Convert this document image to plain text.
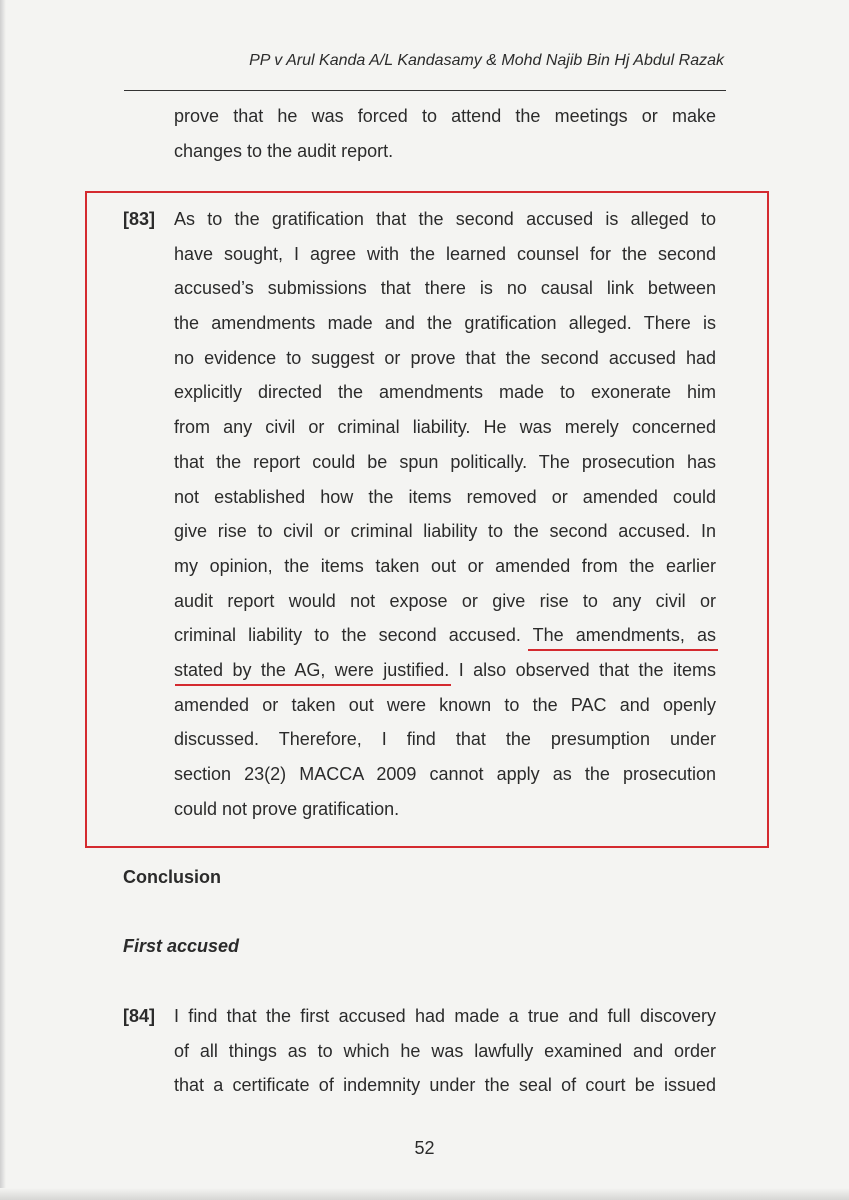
PP v Arul Kanda A/L Kandasamy & Mohd Najib Bin Hj Abdul Razak

prove that he was forced to attend the meetings or make
changes to the audit report.

[83] As to the gratification that the second accused is alleged to
have sought, I agree with the learned counsel for the second
accused’s submissions that there is no causal link between
the amendments made and the gratification alleged. There is
no evidence to suggest or prove that the second accused had
explicitly directed the amendments made to exonerate him
from any civil or criminal liability. He was merely concerned
that the report could be spun politically. The prosecution has
not established how the items removed or amended could
give rise to civil or criminal liability to the second accused. In
my opinion, the items taken out or amended from the earlier
audit report would not expose or give rise to any civil or
criminal liability to the second accused. The amendments, as
stated by the AG, were justified. I also observed that the items
amended or taken out were known to the PAC and openly
discussed. Therefore, I find that the presumption under
section 23(2) MACCA 2009 cannot apply as the prosecution
could not prove gratification.

Conclusion
First accused
[84] I find that the first accused had made a true and full discovery
of all things as to which he was lawfully examined and order
that a certificate of indemnity under the seal of court be issued

52
